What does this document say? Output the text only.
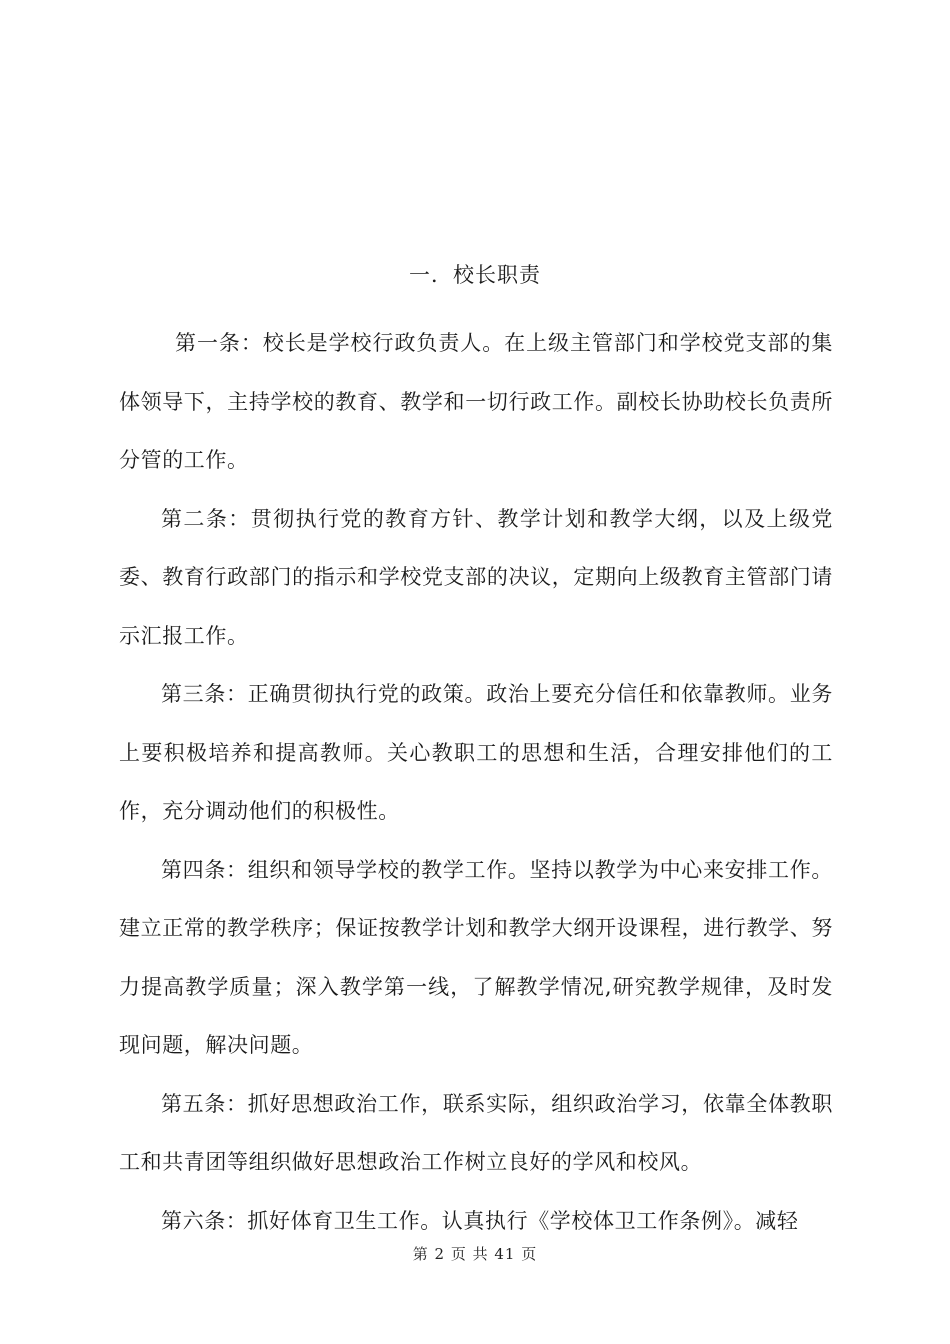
一．校长职责

第一条：校长是学校行政负责人。在上级主管部门和学校党支部的集体领导下，主持学校的教育、教学和一切行政工作。副校长协助校长负责所分管的工作。

第二条：贯彻执行党的教育方针、教学计划和教学大纲，以及上级党委、教育行政部门的指示和学校党支部的决议，定期向上级教育主管部门请示汇报工作。

第三条：正确贯彻执行党的政策。政治上要充分信任和依靠教师。业务上要积极培养和提高教师。关心教职工的思想和生活，合理安排他们的工作，充分调动他们的积极性。

第四条：组织和领导学校的教学工作。坚持以教学为中心来安排工作。建立正常的教学秩序；保证按教学计划和教学大纲开设课程，进行教学、努力提高教学质量；深入教学第一线，了解教学情况,研究教学规律，及时发现问题，解决问题。

第五条：抓好思想政治工作，联系实际，组织政治学习，依靠全体教职工和共青团等组织做好思想政治工作树立良好的学风和校风。

第六条：抓好体育卫生工作。认真执行《学校体卫工作条例》。减轻

第 2 页 共 41 页
